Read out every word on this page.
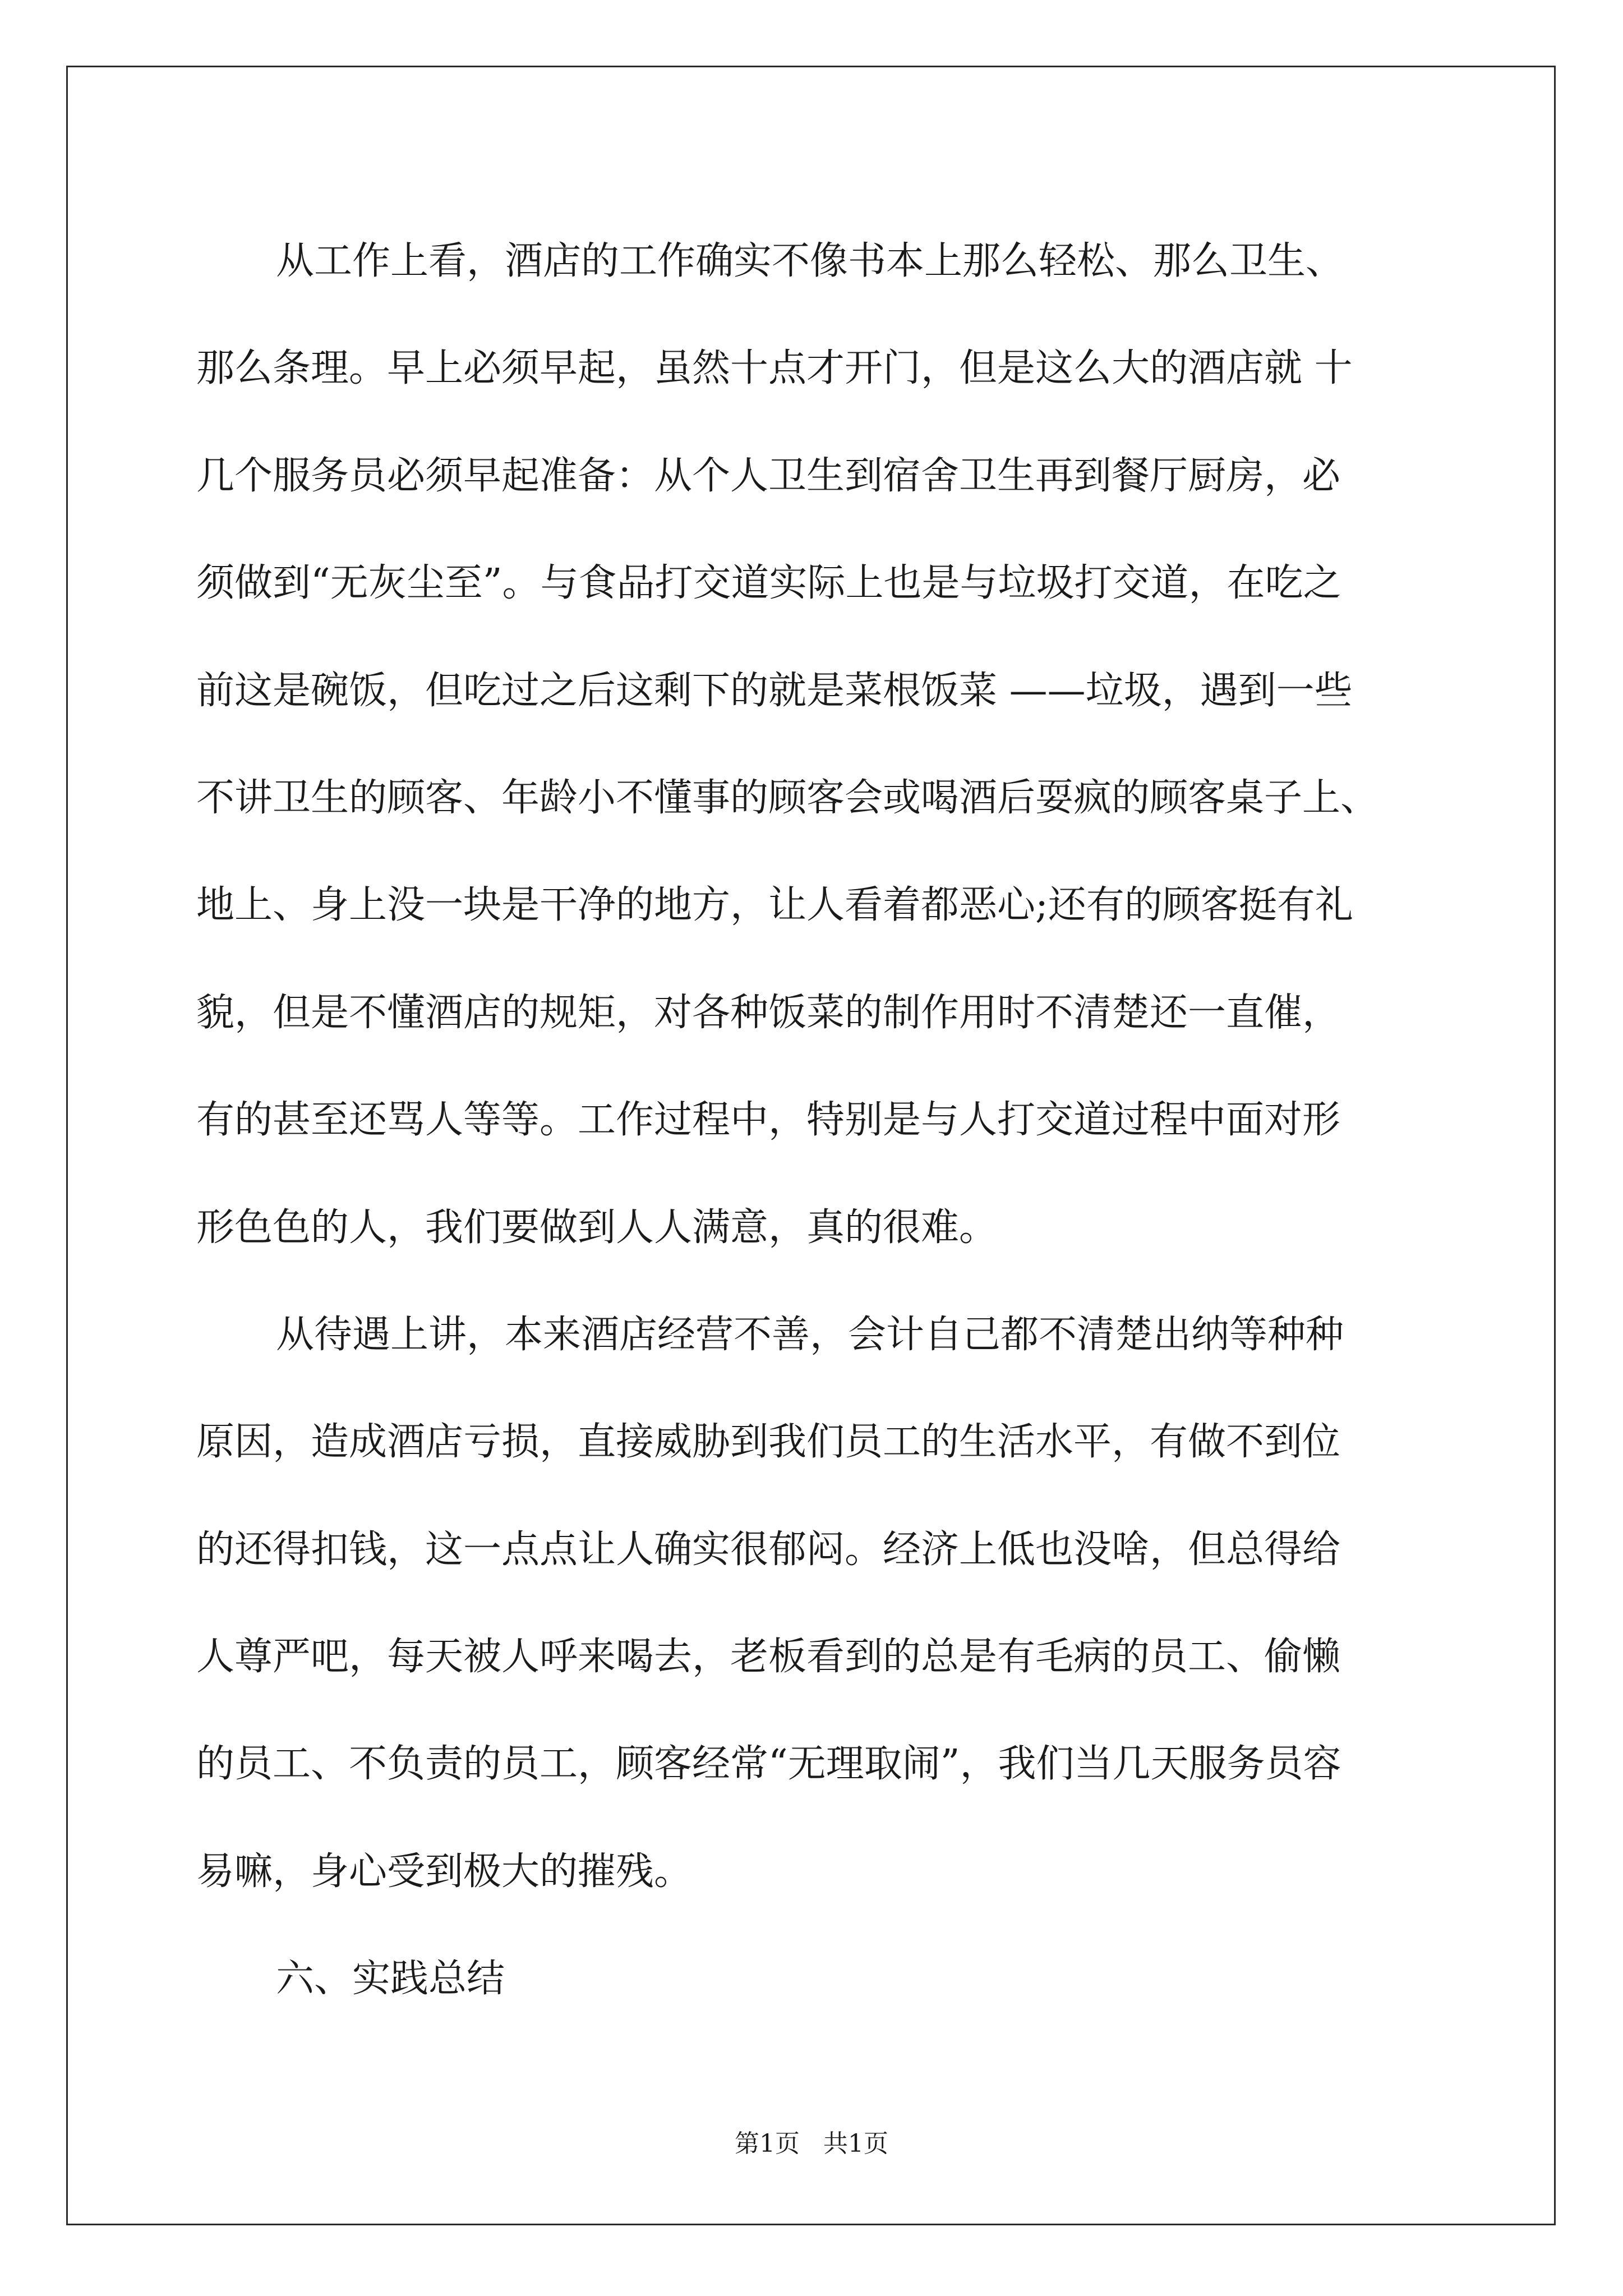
从工作上看，酒店的工作确实不像书本上那么轻松、那么卫生、
那么条理。早上必须早起，虽然十点才开门，但是这么大的酒店就 十
几个服务员必须早起准备：从个人卫生到宿舍卫生再到餐厅厨房，必
须做到“无灰尘至”。与食品打交道实际上也是与垃圾打交道，在吃之
前这是碗饭，但吃过之后这剩下的就是菜根饭菜 ——垃圾，遇到一些
不讲卫生的顾客、年龄小不懂事的顾客会或喝酒后耍疯的顾客桌子上、
地上、身上没一块是干净的地方，让人看着都恶心;还有的顾客挺有礼
貌，但是不懂酒店的规矩，对各种饭菜的制作用时不清楚还一直催，
有的甚至还骂人等等。工作过程中，特别是与人打交道过程中面对形
形色色的人，我们要做到人人满意，真的很难。
从待遇上讲，本来酒店经营不善，会计自己都不清楚出纳等种种
原因，造成酒店亏损，直接威胁到我们员工的生活水平，有做不到位
的还得扣钱，这一点点让人确实很郁闷。经济上低也没啥，但总得给
人尊严吧，每天被人呼来喝去，老板看到的总是有毛病的员工、偷懒
的员工、不负责的员工，顾客经常“无理取闹”，我们当几天服务员容
易嘛，身心受到极大的摧残。
六、实践总结
第1页   共1页
